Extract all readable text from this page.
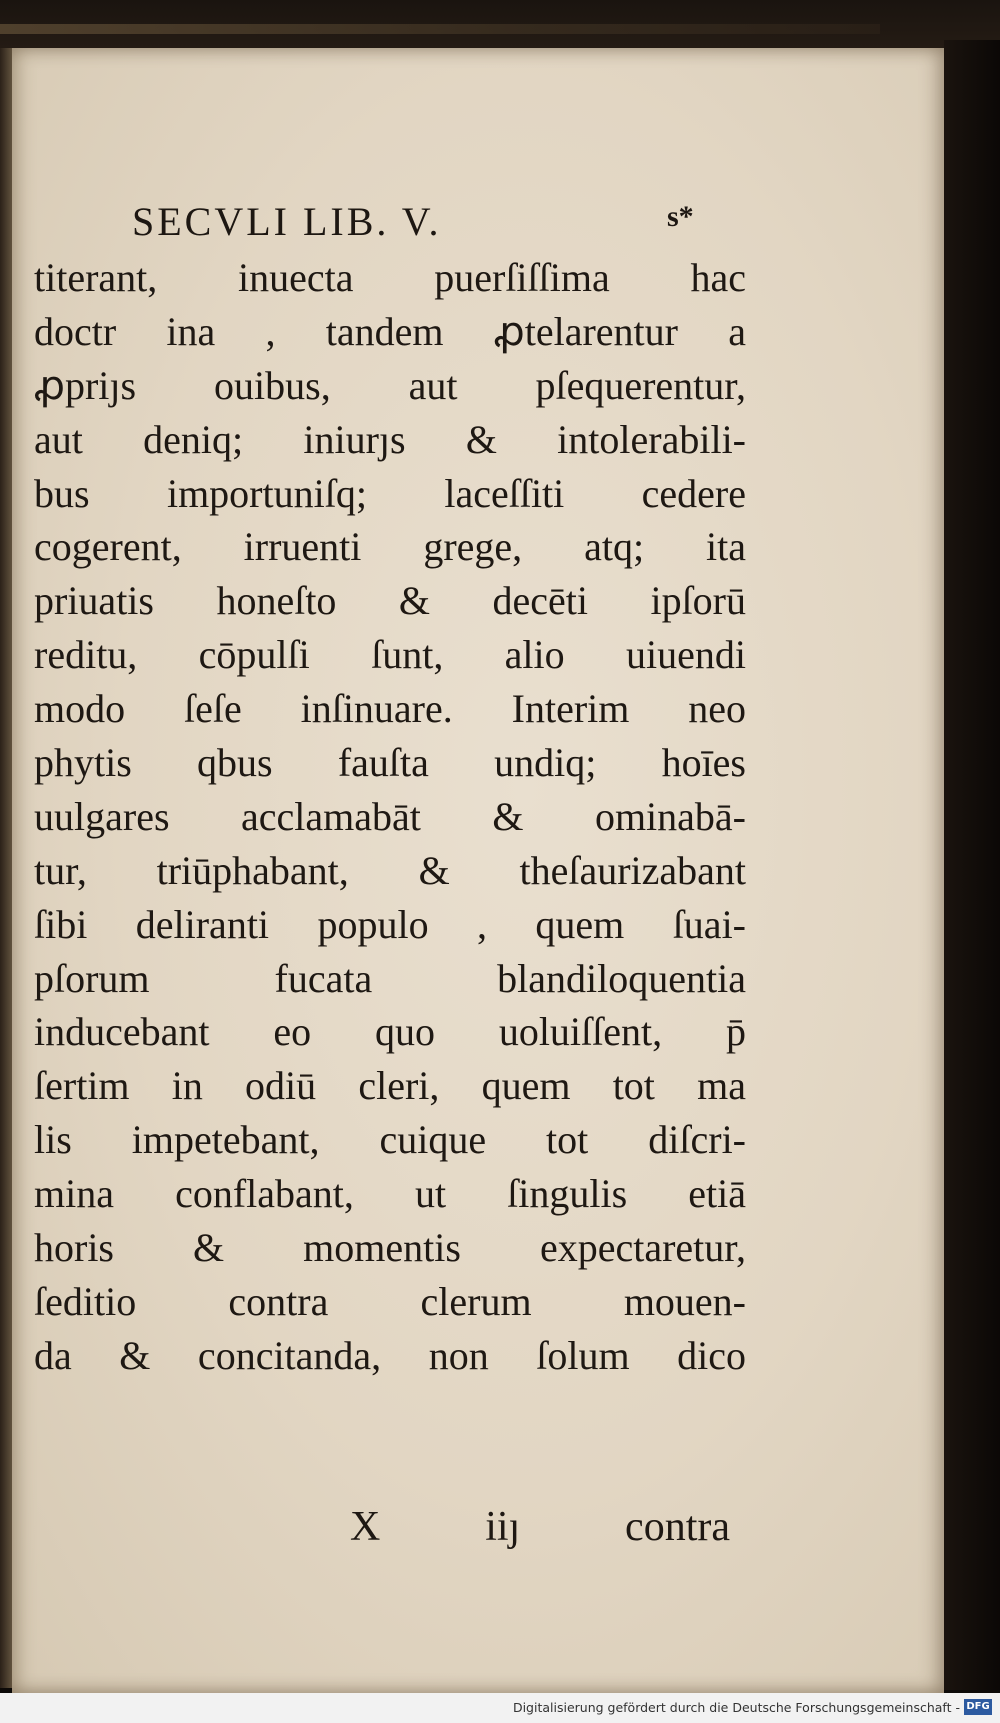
SECVLI LIB. V.	ѕ*
titerant, inuecta puerſiſſima hac
doctr ina , tandem ꝓtelarentur a
ꝓpriȷs ouibus, aut pſequerentur,
aut deniq; iniurȷs & intolerabili-
bus importuniſq; laceſſiti cedere
cogerent, irruenti grege, atq; ita
priuatis honeſto & decēti ipſorū
reditu, cōpulſi ſunt, alio uiuendi
modo ſeſe inſinuare. Interim neo
phytis qbus fauſta undiq; hoīes
uulgares acclamabāt & ominabā-
tur, triūphabant, & theſaurizabant
ſibi deliranti populo , quem ſuai-
pſorum fucata blandiloquentia
inducebant eo quo uoluiſſent, p̄
ſertim in odiū cleri, quem tot ma
lis impetebant, cuique tot diſcri-
mina conflabant, ut ſingulis etiā
horis & momentis expectaretur,
ſeditio contra clerum mouen-
da & concitanda, non ſolum dico
X iiȷ contra
Digitalisierung gefördert durch die Deutsche Forschungsgemeinschaft - DFG
